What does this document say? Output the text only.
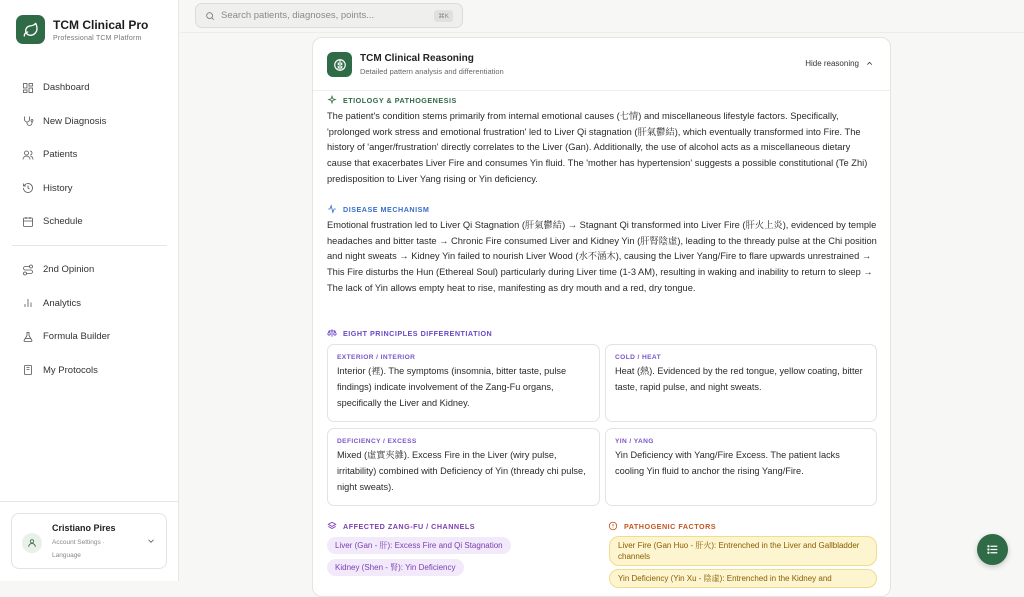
TCM Clinical Pro
Professional TCM Platform
Dashboard
New Diagnosis
Patients
History
Schedule
2nd Opinion
Analytics
Formula Builder
My Protocols
Cristiano Pires
Account Settings · Language
Search patients, diagnoses, points...	⌘K
TCM Clinical Reasoning
Detailed pattern analysis and differentiation
Hide reasoning
ETIOLOGY & PATHOGENESIS

The patient's condition stems primarily from internal emotional causes (七情) and miscellaneous lifestyle factors. Specifically, 'prolonged work stress and emotional frustration' led to Liver Qi stagnation (肝氣鬱結), which eventually transformed into Fire. The history of 'anger/frustration' directly correlates to the Liver (Gan). Additionally, the use of alcohol acts as a miscellaneous dietary cause that exacerbates Liver Fire and consumes Yin fluid. The 'mother has hypertension' suggests a possible constitutional (Te Zhi) predisposition to Liver Yang rising or Yin deficiency.

DISEASE MECHANISM

Emotional frustration led to Liver Qi Stagnation (肝氣鬱結) → Stagnant Qi transformed into Liver Fire (肝火上炎), evidenced by temple headaches and bitter taste → Chronic Fire consumed Liver and Kidney Yin (肝腎陰虛), leading to the thready pulse at the Chi position and night sweats → Kidney Yin failed to nourish Liver Wood (水不涵木), causing the Liver Yang/Fire to flare upwards unrestrained → This Fire disturbs the Hun (Ethereal Soul) particularly during Liver time (1-3 AM), resulting in waking and inability to return to sleep → The lack of Yin allows empty heat to rise, manifesting as dry mouth and a red, dry tongue.

EIGHT PRINCIPLES DIFFERENTIATION
EXTERIOR / INTERIOR
Interior (裡). The symptoms (insomnia, bitter taste, pulse findings) indicate involvement of the Zang-Fu organs, specifically the Liver and Kidney.
COLD / HEAT
Heat (熱). Evidenced by the red tongue, yellow coating, bitter taste, rapid pulse, and night sweats.
DEFICIENCY / EXCESS
Mixed (虛實夾雜). Excess Fire in the Liver (wiry pulse, irritability) combined with Deficiency of Yin (thready chi pulse, night sweats).
YIN / YANG
Yin Deficiency with Yang/Fire Excess. The patient lacks cooling Yin fluid to anchor the rising Yang/Fire.
AFFECTED ZANG-FU / CHANNELS
Liver (Gan - 肝): Excess Fire and Qi Stagnation
Kidney (Shen - 腎): Yin Deficiency
PATHOGENIC FACTORS
Liver Fire (Gan Huo - 肝火): Entrenched in the Liver and Gallbladder channels
Yin Deficiency (Yin Xu - 陰虛): Entrenched in the Kidney and
